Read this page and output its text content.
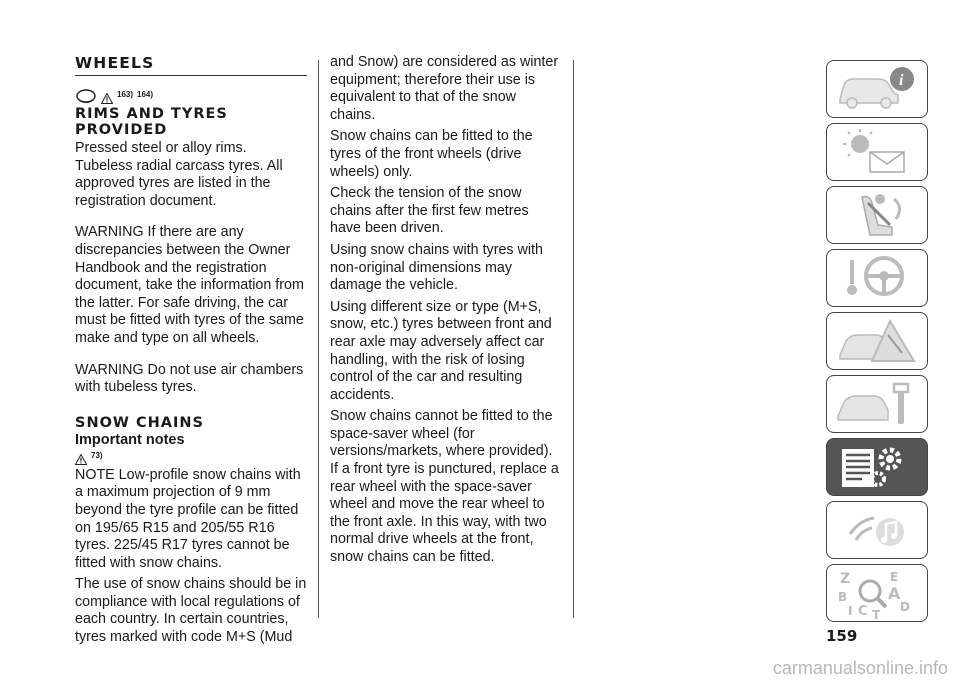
WHEELS
163) 164)
RIMS AND TYRES
PROVIDED

Pressed steel or alloy rims. Tubeless radial carcass tyres. All approved tyres are listed in the registration document.

WARNING If there are any discrepancies between the Owner Handbook and the registration document, take the information from the latter. For safe driving, the car must be fitted with tyres of the same make and type on all wheels.

WARNING Do not use air chambers with tubeless tyres.

SNOW CHAINS
Important notes
73)

NOTE Low-profile snow chains with a maximum projection of 9 mm beyond the tyre profile can be fitted on 195/65 R15 and 205/55 R16 tyres. 225/45 R17 tyres cannot be fitted with snow chains.

The use of snow chains should be in compliance with local regulations of each country. In certain countries, tyres marked with code M+S (Mud

and Snow) are considered as winter equipment; therefore their use is equivalent to that of the snow chains.

Snow chains can be fitted to the tyres of the front wheels (drive wheels) only.

Check the tension of the snow chains after the first few metres have been driven.

Using snow chains with tyres with non-original dimensions may damage the vehicle.

Using different size or type (M+S, snow, etc.) tyres between front and rear axle may adversely affect car handling, with the risk of losing control of the car and resulting accidents.

Snow chains cannot be fitted to the space-saver wheel (for versions/markets, where provided). If a front tyre is punctured, replace a rear wheel with the space-saver wheel and move the rear wheel to the front axle. In this way, with two normal drive wheels at the front, snow chains can be fitted.

i
Z	E
B	A
D
I C T
159
carmanualsonline.info
